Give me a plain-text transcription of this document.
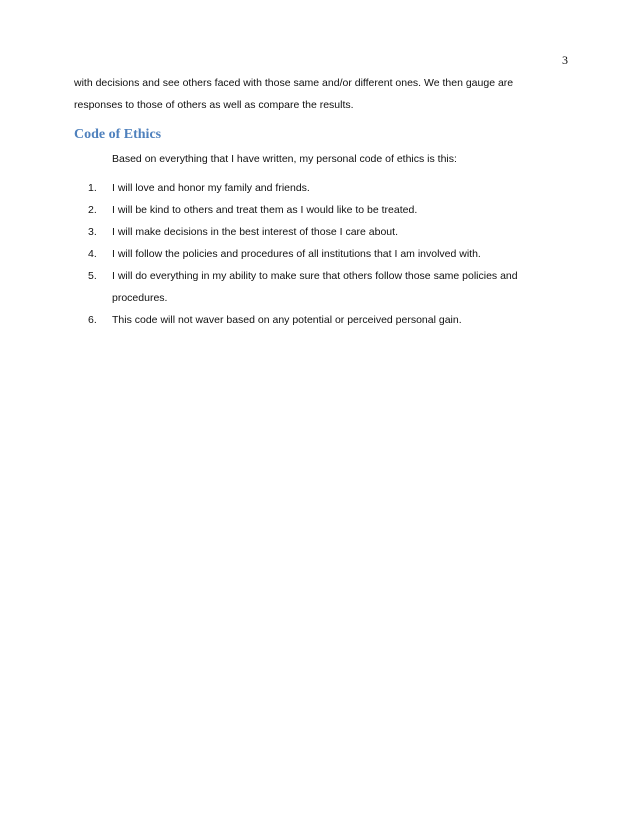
3
with decisions and see others faced with those same and/or different ones. We then gauge are
responses to those of others as well as compare the results.
Code of Ethics
Based on everything that I have written, my personal code of ethics is this:
1. I will love and honor my family and friends.
2. I will be kind to others and treat them as I would like to be treated.
3. I will make decisions in the best interest of those I care about.
4. I will follow the policies and procedures of all institutions that I am involved with.
5. I will do everything in my ability to make sure that others follow those same policies and procedures.
6. This code will not waver based on any potential or perceived personal gain.
